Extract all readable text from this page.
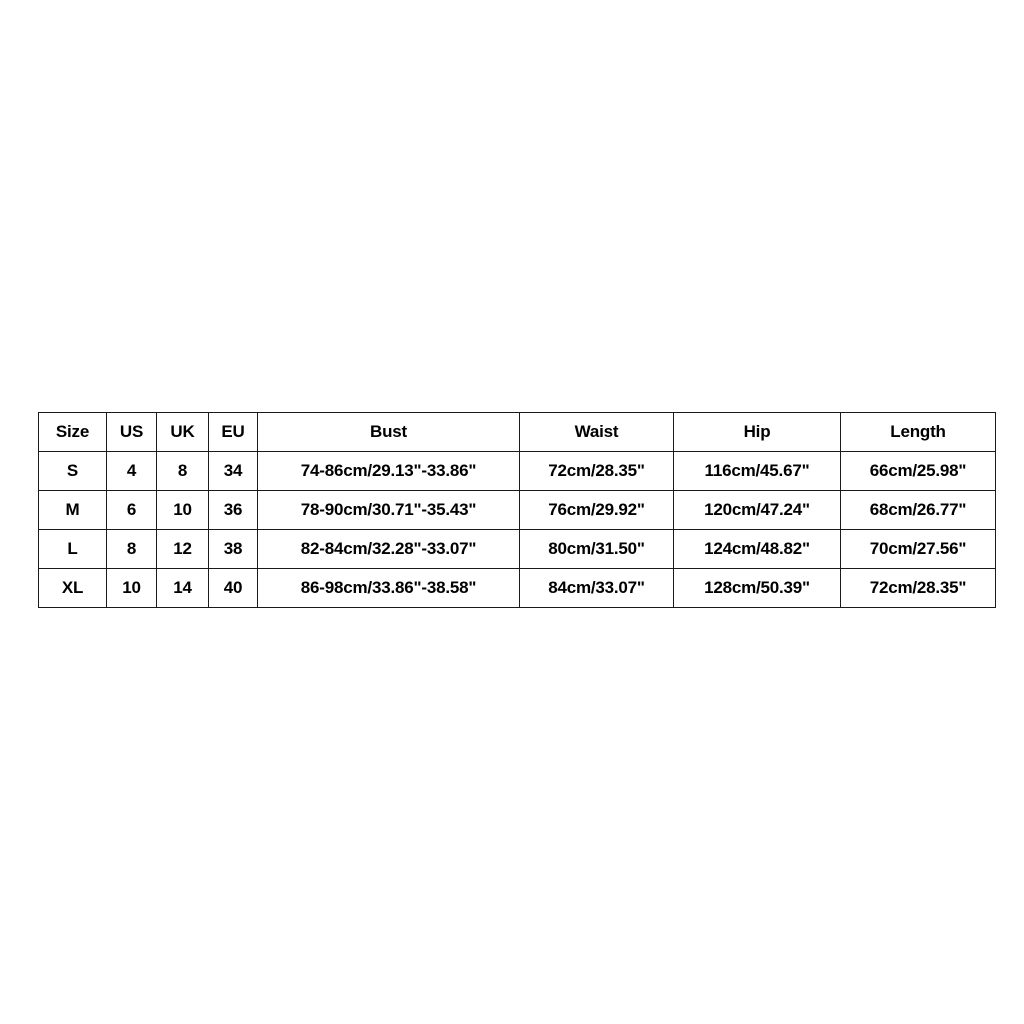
Size	US	UK	EU	Bust	Waist	Hip	Length
S	4	8	34	74-86cm/29.13"-33.86"	72cm/28.35"	116cm/45.67"	66cm/25.98"
M	6	10	36	78-90cm/30.71"-35.43"	76cm/29.92"	120cm/47.24"	68cm/26.77"
L	8	12	38	82-84cm/32.28"-33.07"	80cm/31.50"	124cm/48.82"	70cm/27.56"
XL	10	14	40	86-98cm/33.86"-38.58"	84cm/33.07"	128cm/50.39"	72cm/28.35"
